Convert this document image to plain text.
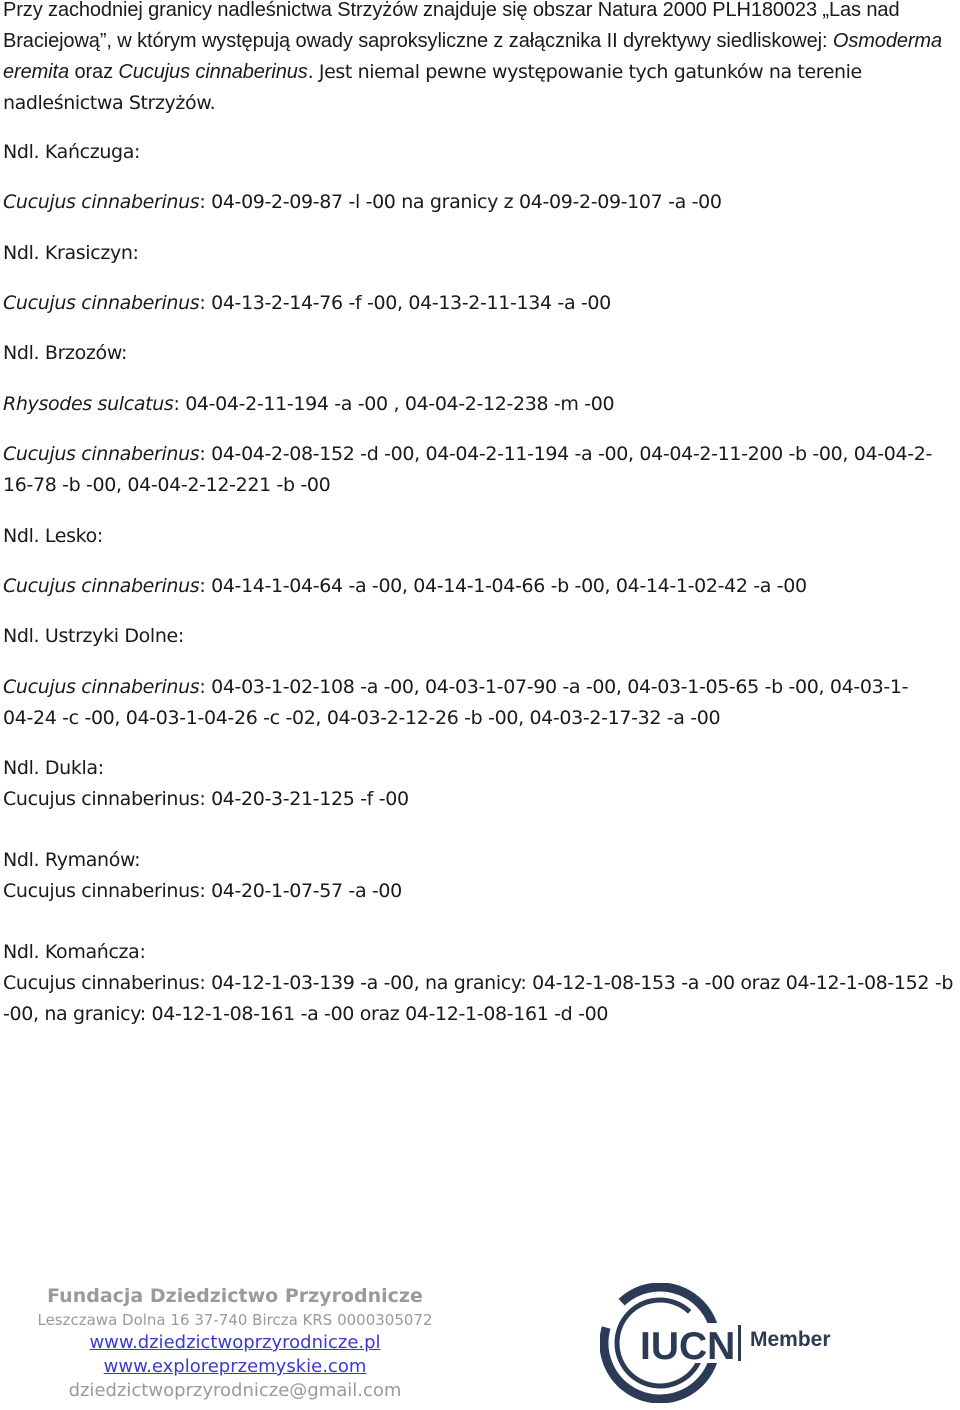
Przy zachodniej granicy nadleśnictwa Strzyżów znajduje się obszar Natura 2000 PLH180023 „Las nad
Braciejową”, w którym występują owady saproksyliczne z załącznika II dyrektywy siedliskowej: Osmoderma
eremita oraz Cucujus cinnaberinus. Jest niemal pewne występowanie tych gatunków na terenie
nadleśnictwa Strzyżów.
Ndl. Kańczuga:
Cucujus cinnaberinus: 04-09-2-09-87 -l -00 na granicy z 04-09-2-09-107 -a -00
Ndl. Krasiczyn:
Cucujus cinnaberinus: 04-13-2-14-76 -f -00, 04-13-2-11-134 -a -00
Ndl. Brzozów:
Rhysodes sulcatus: 04-04-2-11-194 -a -00 , 04-04-2-12-238 -m -00
Cucujus cinnaberinus: 04-04-2-08-152 -d -00, 04-04-2-11-194 -a -00, 04-04-2-11-200 -b -00, 04-04-2-
16-78 -b -00, 04-04-2-12-221 -b -00
Ndl. Lesko:
Cucujus cinnaberinus: 04-14-1-04-64 -a -00, 04-14-1-04-66 -b -00, 04-14-1-02-42 -a -00
Ndl. Ustrzyki Dolne:
Cucujus cinnaberinus: 04-03-1-02-108 -a -00, 04-03-1-07-90 -a -00, 04-03-1-05-65 -b -00, 04-03-1-
04-24 -c -00, 04-03-1-04-26 -c -02, 04-03-2-12-26 -b -00, 04-03-2-17-32 -a -00
Ndl. Dukla:
Cucujus cinnaberinus: 04-20-3-21-125 -f -00
Ndl. Rymanów:
Cucujus cinnaberinus: 04-20-1-07-57 -a -00
Ndl. Komańcza:
Cucujus cinnaberinus: 04-12-1-03-139 -a -00, na granicy: 04-12-1-08-153 -a -00 oraz 04-12-1-08-152 -b
-00, na granicy: 04-12-1-08-161 -a -00 oraz 04-12-1-08-161 -d -00
Fundacja Dziedzictwo Przyrodnicze
Leszczawa Dolna 16 37-740 Bircza KRS 0000305072
www.dziedzictwoprzyrodnicze.pl
www.exploreprzemyskie.com
dziedzictwoprzyrodnicze@gmail.com
IUCN Member
